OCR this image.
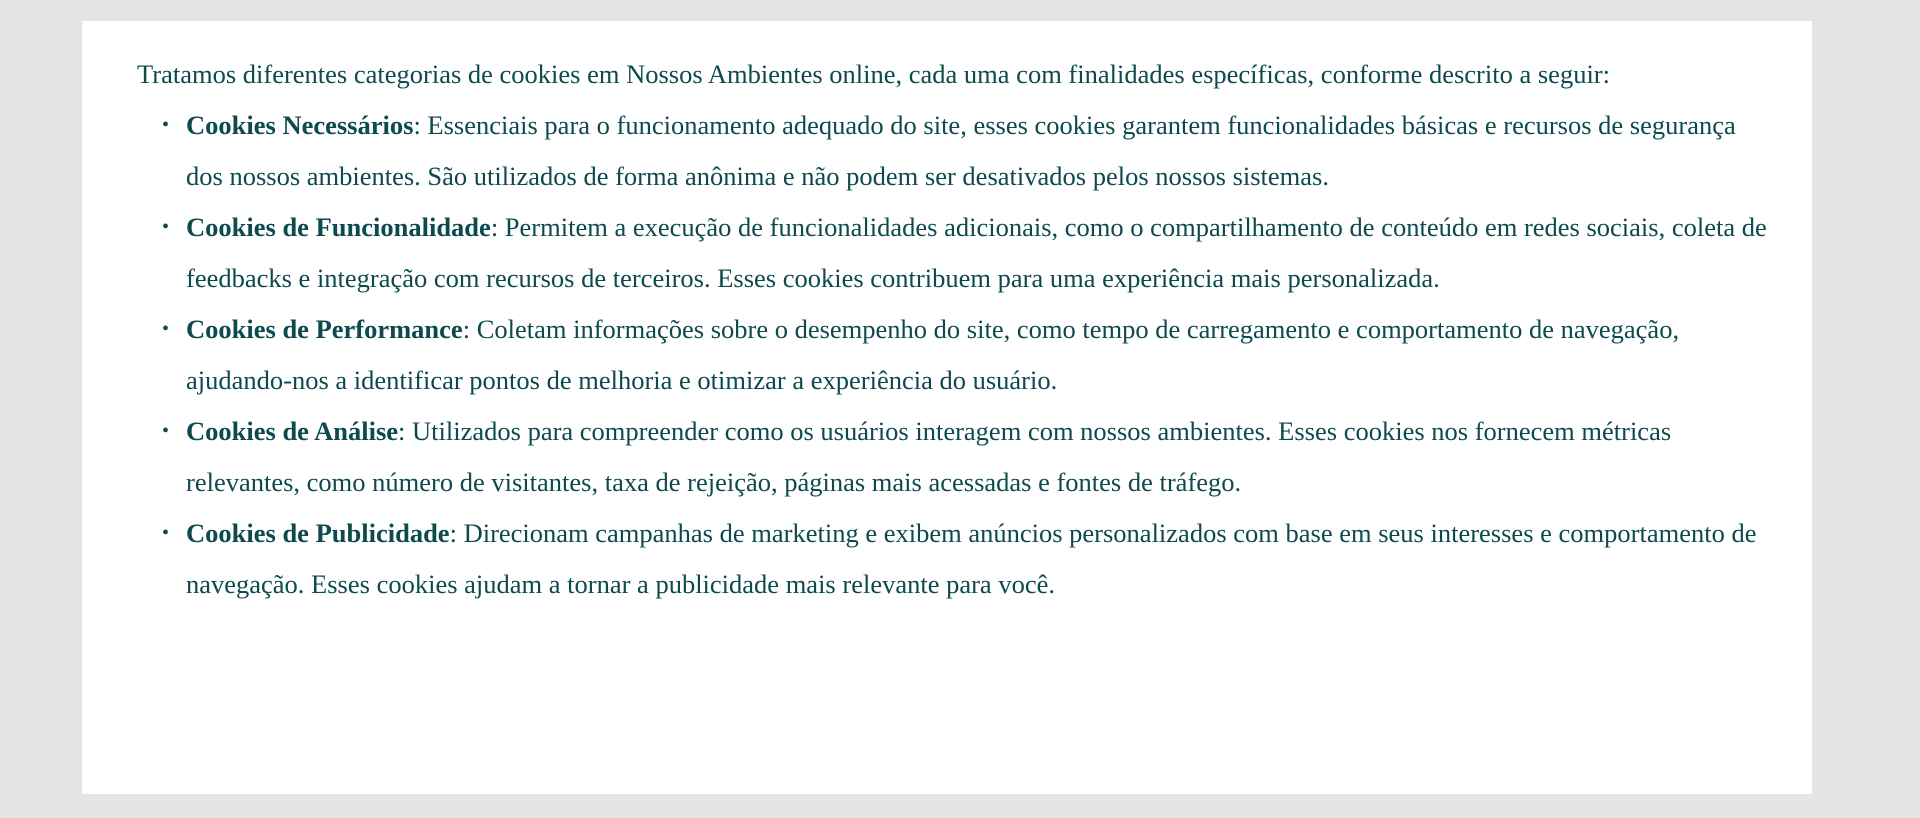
Tratamos diferentes categorias de cookies em Nossos Ambientes online, cada uma com finalidades específicas, conforme descrito a seguir:

• Cookies Necessários: Essenciais para o funcionamento adequado do site, esses cookies garantem funcionalidades básicas e recursos de segurança dos nossos ambientes. São utilizados de forma anônima e não podem ser desativados pelos nossos sistemas.
• Cookies de Funcionalidade: Permitem a execução de funcionalidades adicionais, como o compartilhamento de conteúdo em redes sociais, coleta de feedbacks e integração com recursos de terceiros. Esses cookies contribuem para uma experiência mais personalizada.
• Cookies de Performance: Coletam informações sobre o desempenho do site, como tempo de carregamento e comportamento de navegação, ajudando-nos a identificar pontos de melhoria e otimizar a experiência do usuário.
• Cookies de Análise: Utilizados para compreender como os usuários interagem com nossos ambientes. Esses cookies nos fornecem métricas relevantes, como número de visitantes, taxa de rejeição, páginas mais acessadas e fontes de tráfego.
• Cookies de Publicidade: Direcionam campanhas de marketing e exibem anúncios personalizados com base em seus interesses e comportamento de navegação. Esses cookies ajudam a tornar a publicidade mais relevante para você.
